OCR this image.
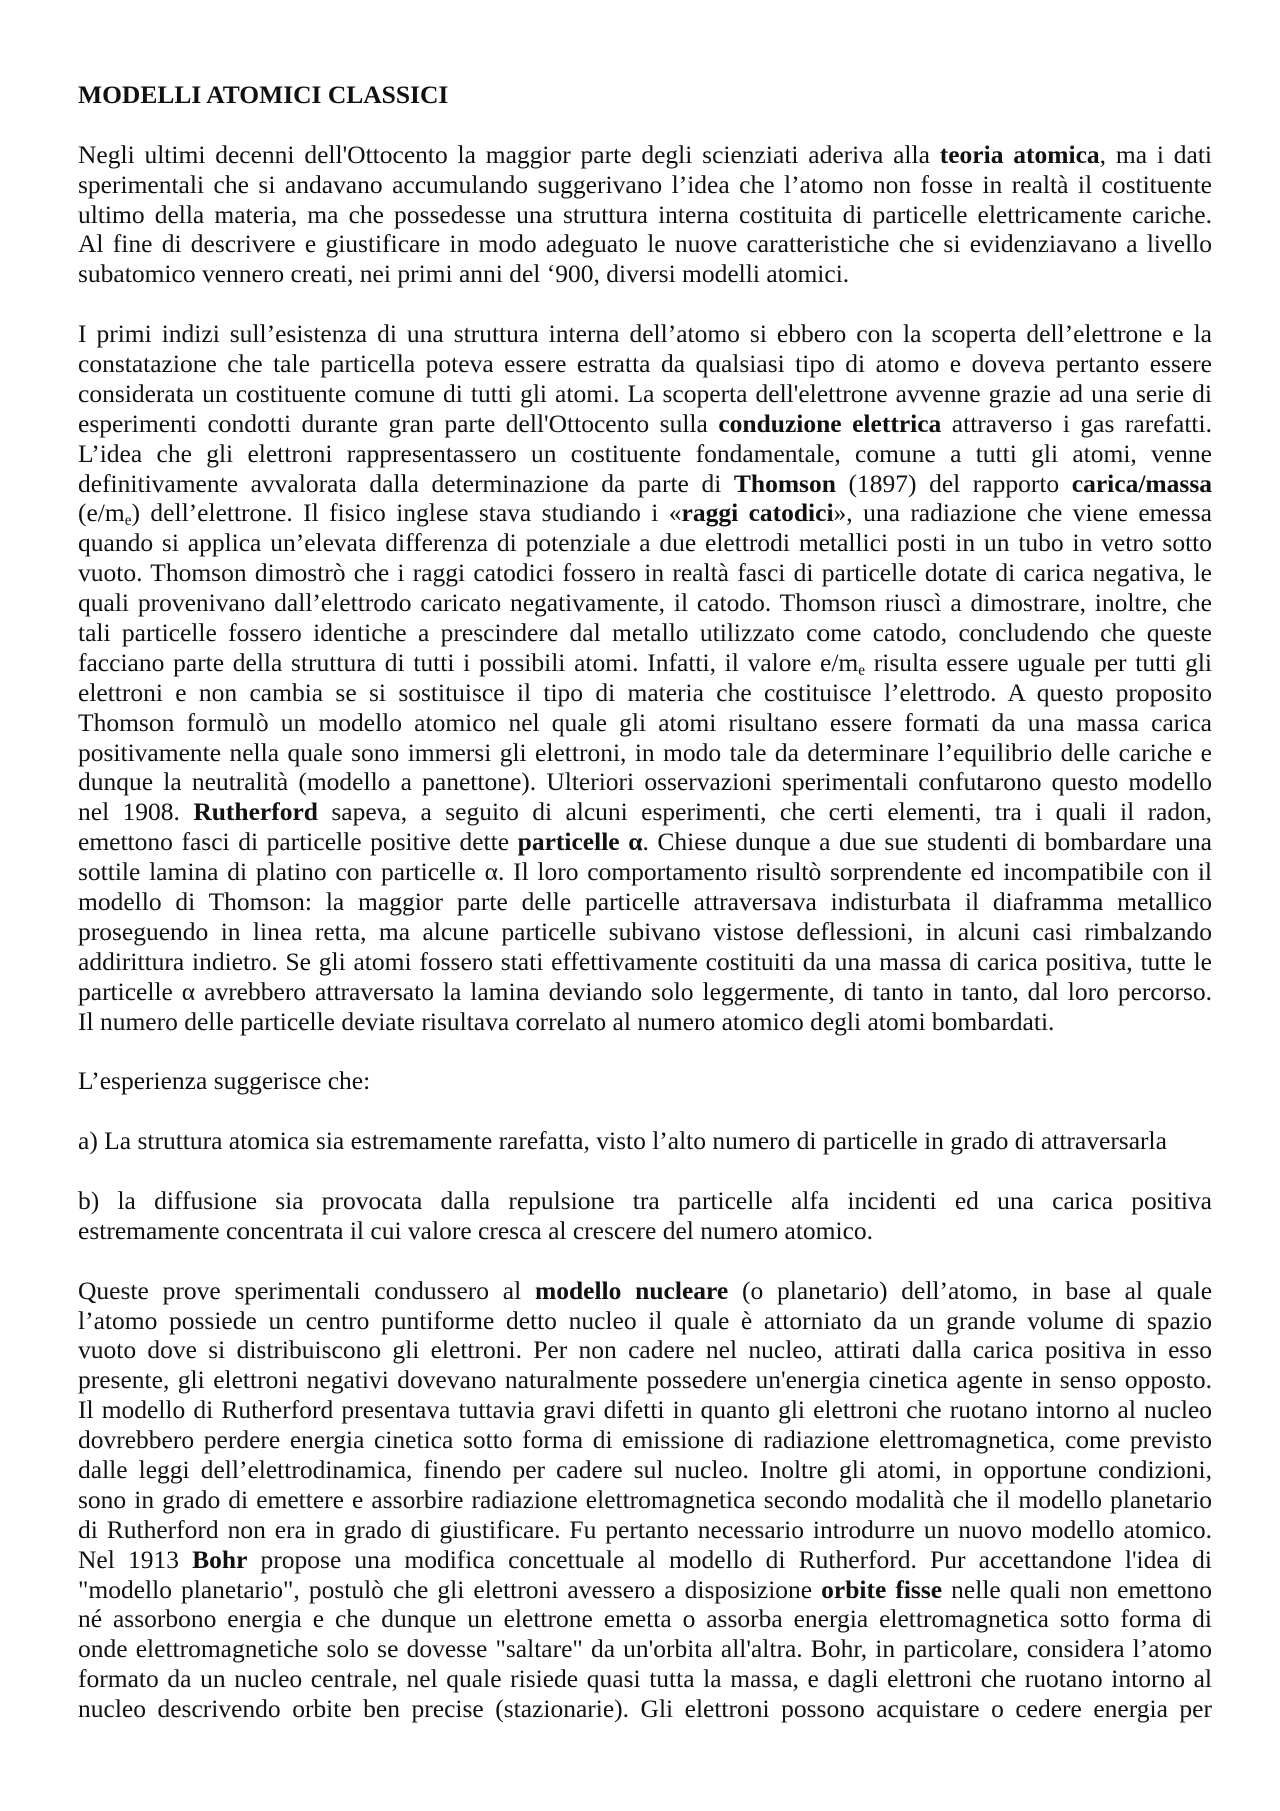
MODELLI ATOMICI CLASSICI
Negli ultimi decenni dell'Ottocento la maggior parte degli scienziati aderiva alla teoria atomica, ma i dati
sperimentali che si andavano accumulando suggerivano l’idea che l’atomo non fosse in realtà il costituente
ultimo della materia, ma che possedesse una struttura interna costituita di particelle elettricamente cariche.
Al fine di descrivere e giustificare in modo adeguato le nuove caratteristiche che si evidenziavano a livello
subatomico vennero creati, nei primi anni del ‘900, diversi modelli atomici.
I primi indizi sull’esistenza di una struttura interna dell’atomo si ebbero con la scoperta dell’elettrone e la
constatazione che tale particella poteva essere estratta da qualsiasi tipo di atomo e doveva pertanto essere
considerata un costituente comune di tutti gli atomi. La scoperta dell'elettrone avvenne grazie ad una serie di
esperimenti condotti durante gran parte dell'Ottocento sulla conduzione elettrica attraverso i gas rarefatti.
L’idea che gli elettroni rappresentassero un costituente fondamentale, comune a tutti gli atomi, venne
definitivamente avvalorata dalla determinazione da parte di Thomson (1897) del rapporto carica/massa
$(e/m_e)$ dell’elettrone. Il fisico inglese stava studiando i «raggi catodici», una radiazione che viene emessa
quando si applica un’elevata differenza di potenziale a due elettrodi metallici posti in un tubo in vetro sotto
vuoto. Thomson dimostrò che i raggi catodici fossero in realtà fasci di particelle dotate di carica negativa, le
quali provenivano dall’elettrodo caricato negativamente, il catodo. Thomson riuscì a dimostrare, inoltre, che
tali particelle fossero identiche a prescindere dal metallo utilizzato come catodo, concludendo che queste
facciano parte della struttura di tutti i possibili atomi. Infatti, il valore $e/m_e$ risulta essere uguale per tutti gli
elettroni e non cambia se si sostituisce il tipo di materia che costituisce l’elettrodo. A questo proposito
Thomson formulò un modello atomico nel quale gli atomi risultano essere formati da una massa carica
positivamente nella quale sono immersi gli elettroni, in modo tale da determinare l’equilibrio delle cariche e
dunque la neutralità (modello a panettone). Ulteriori osservazioni sperimentali confutarono questo modello
nel 1908. Rutherford sapeva, a seguito di alcuni esperimenti, che certi elementi, tra i quali il radon,
emettono fasci di particelle positive dette particelle α. Chiese dunque a due sue studenti di bombardare una
sottile lamina di platino con particelle α. Il loro comportamento risultò sorprendente ed incompatibile con il
modello di Thomson: la maggior parte delle particelle attraversava indisturbata il diaframma metallico
proseguendo in linea retta, ma alcune particelle subivano vistose deflessioni, in alcuni casi rimbalzando
addirittura indietro. Se gli atomi fossero stati effettivamente costituiti da una massa di carica positiva, tutte le
particelle α avrebbero attraversato la lamina deviando solo leggermente, di tanto in tanto, dal loro percorso.
Il numero delle particelle deviate risultava correlato al numero atomico degli atomi bombardati.
L’esperienza suggerisce che:
a) La struttura atomica sia estremamente rarefatta, visto l’alto numero di particelle in grado di attraversarla
b) la diffusione sia provocata dalla repulsione tra particelle alfa incidenti ed una carica positiva
estremamente concentrata il cui valore cresca al crescere del numero atomico.
Queste prove sperimentali condussero al modello nucleare (o planetario) dell’atomo, in base al quale
l’atomo possiede un centro puntiforme detto nucleo il quale è attorniato da un grande volume di spazio
vuoto dove si distribuiscono gli elettroni. Per non cadere nel nucleo, attirati dalla carica positiva in esso
presente, gli elettroni negativi dovevano naturalmente possedere un'energia cinetica agente in senso opposto.
Il modello di Rutherford presentava tuttavia gravi difetti in quanto gli elettroni che ruotano intorno al nucleo
dovrebbero perdere energia cinetica sotto forma di emissione di radiazione elettromagnetica, come previsto
dalle leggi dell’elettrodinamica, finendo per cadere sul nucleo. Inoltre gli atomi, in opportune condizioni,
sono in grado di emettere e assorbire radiazione elettromagnetica secondo modalità che il modello planetario
di Rutherford non era in grado di giustificare. Fu pertanto necessario introdurre un nuovo modello atomico.
Nel 1913 Bohr propose una modifica concettuale al modello di Rutherford. Pur accettandone l'idea di
"modello planetario", postulò che gli elettroni avessero a disposizione orbite fisse nelle quali non emettono
né assorbono energia e che dunque un elettrone emetta o assorba energia elettromagnetica sotto forma di
onde elettromagnetiche solo se dovesse "saltare" da un'orbita all'altra. Bohr, in particolare, considera l’atomo
formato da un nucleo centrale, nel quale risiede quasi tutta la massa, e dagli elettroni che ruotano intorno al
nucleo descrivendo orbite ben precise (stazionarie). Gli elettroni possono acquistare o cedere energia per
